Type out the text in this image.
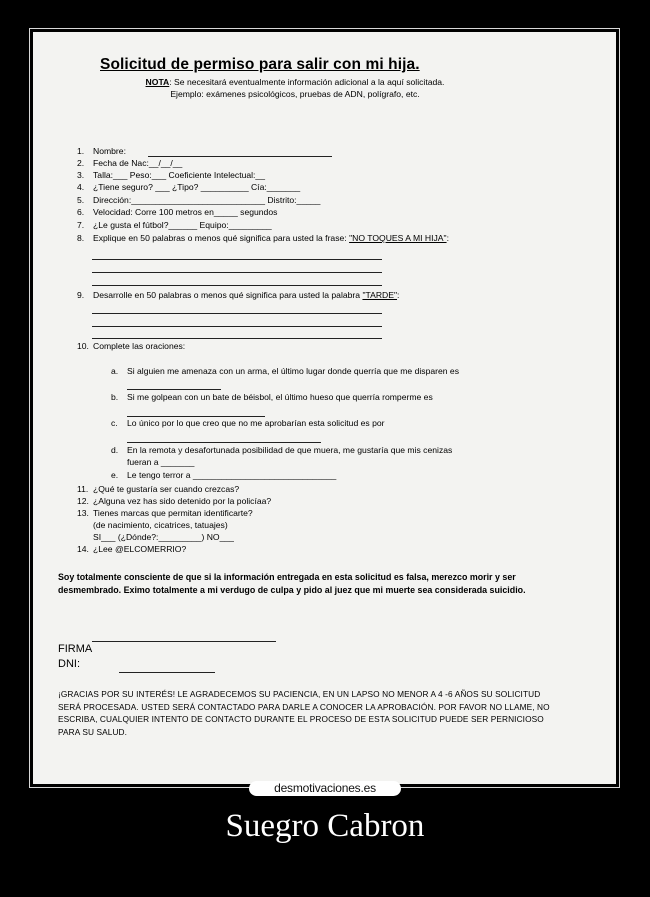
Solicitud de permiso para salir con mi hija.
NOTA: Se necesitará eventualmente información adicional a la aquí solicitada.
Ejemplo: exámenes psicológicos, pruebas de ADN, polígrafo, etc.
1. Nombre:
2. Fecha de Nac:__/__/__
3. Talla:___ Peso:___ Coeficiente Intelectual:__
4. ¿Tiene seguro? ___ ¿Tipo? __________ Cía:_______
5. Dirección:____________________________ Distrito:_____
6. Velocidad: Corre 100 metros en_____ segundos
7. ¿Le gusta el fútbol?______ Equipo:_________
8. Explique en 50 palabras o menos qué significa para usted la frase: "NO TOQUES A MI HIJA":
9. Desarrolle en 50 palabras o menos qué significa para usted la palabra "TARDE":
10. Complete las oraciones:
a. Si alguien me amenaza con un arma, el último lugar donde querría que me disparen es
b. Si me golpean con un bate de béisbol, el último hueso que querría romperme es
c. Lo único por lo que creo que no me aprobarían esta solicitud es por
d. En la remota y desafortunada posibilidad de que muera, me gustaría que mis cenizas
fueran a _______
e. Le tengo terror a ______________________________
11. ¿Qué te gustaría ser cuando crezcas?
12. ¿Alguna vez has sido detenido por la policíaa?
13. Tienes marcas que permitan identificarte?
(de nacimiento, cicatrices, tatuajes)
SI___ (¿Dónde?:_________) NO___
14. ¿Lee @ELCOMERRIO?
Soy totalmente consciente de que si la información entregada en esta solicitud es falsa, merezco morir y ser desmembrado. Eximo totalmente a mi verdugo de culpa y pido al juez que mi muerte sea considerada suicidio.
FIRMA
DNI:
¡GRACIAS POR SU INTERÉS! LE AGRADECEMOS SU PACIENCIA, EN UN LAPSO NO MENOR A 4 -6 AÑOS SU SOLICITUD SERÁ PROCESADA. USTED SERÁ CONTACTADO PARA DARLE A CONOCER LA APROBACIÓN. POR FAVOR NO LLAME, NO ESCRIBA, CUALQUIER INTENTO DE CONTACTO DURANTE EL PROCESO DE ESTA SOLICITUD PUEDE SER PERNICIOSO PARA SU SALUD.
desmotivaciones.es
Suegro Cabron
